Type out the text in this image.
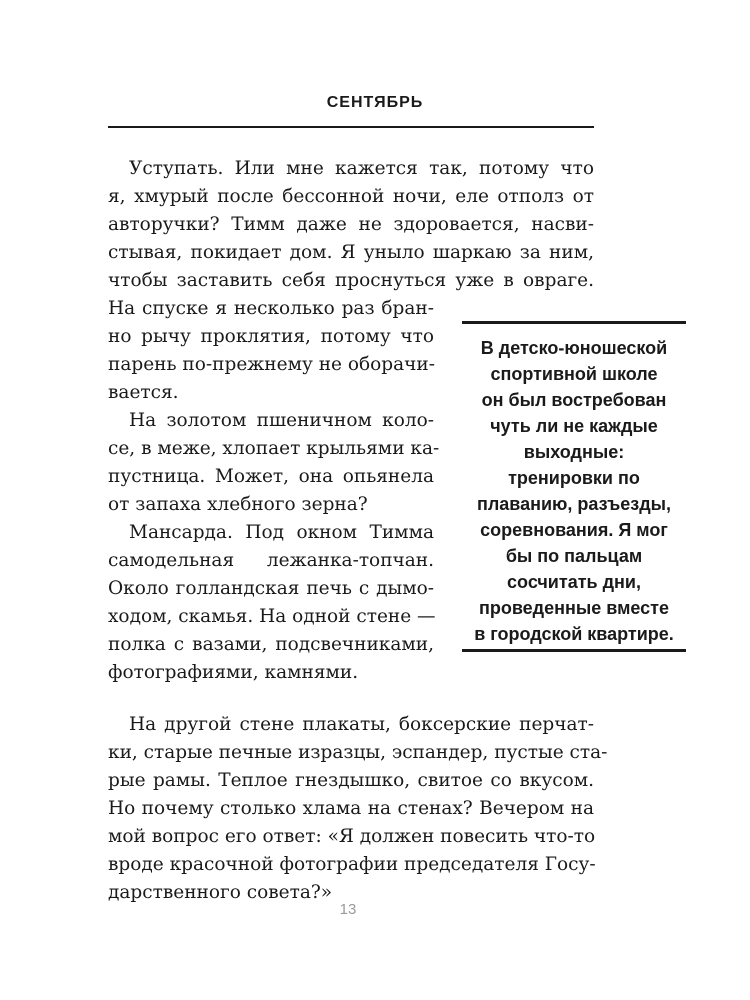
СЕНТЯБРЬ
Уступать. Или мне кажется так, потому что
я, хмурый после бессонной ночи, еле отполз от
авторучки? Тимм даже не здоровается, насви-
стывая, покидает дом. Я уныло шаркаю за ним,
чтобы заставить себя проснуться уже в овраге.
На спуске я несколько раз бран-
но рычу проклятия, потому что
парень по-прежнему не оборачи-
вается.
На золотом пшеничном коло-
се, в меже, хлопает крыльями ка-
пустница. Может, она опьянела
от запаха хлебного зерна?
Мансарда. Под окном Тимма
самодельная лежанка-топчан.
Около голландская печь с дымо-
ходом, скамья. На одной стене —
полка с вазами, подсвечниками,
фотографиями, камнями.
На другой стене плакаты, боксерские перчат-
ки, старые печные изразцы, эспандер, пустые ста-
рые рамы. Теплое гнездышко, свитое со вкусом.
Но почему столько хлама на стенах? Вечером на
мой вопрос его ответ: «Я должен повесить что-то
вроде красочной фотографии председателя Госу-
дарственного совета?»
В детско-юношеской
спортивной школе
он был востребован
чуть ли не каждые
выходные:
тренировки по
плаванию, разъезды,
соревнования. Я мог
бы по пальцам
сосчитать дни,
проведенные вместе
в городской квартире.
13
